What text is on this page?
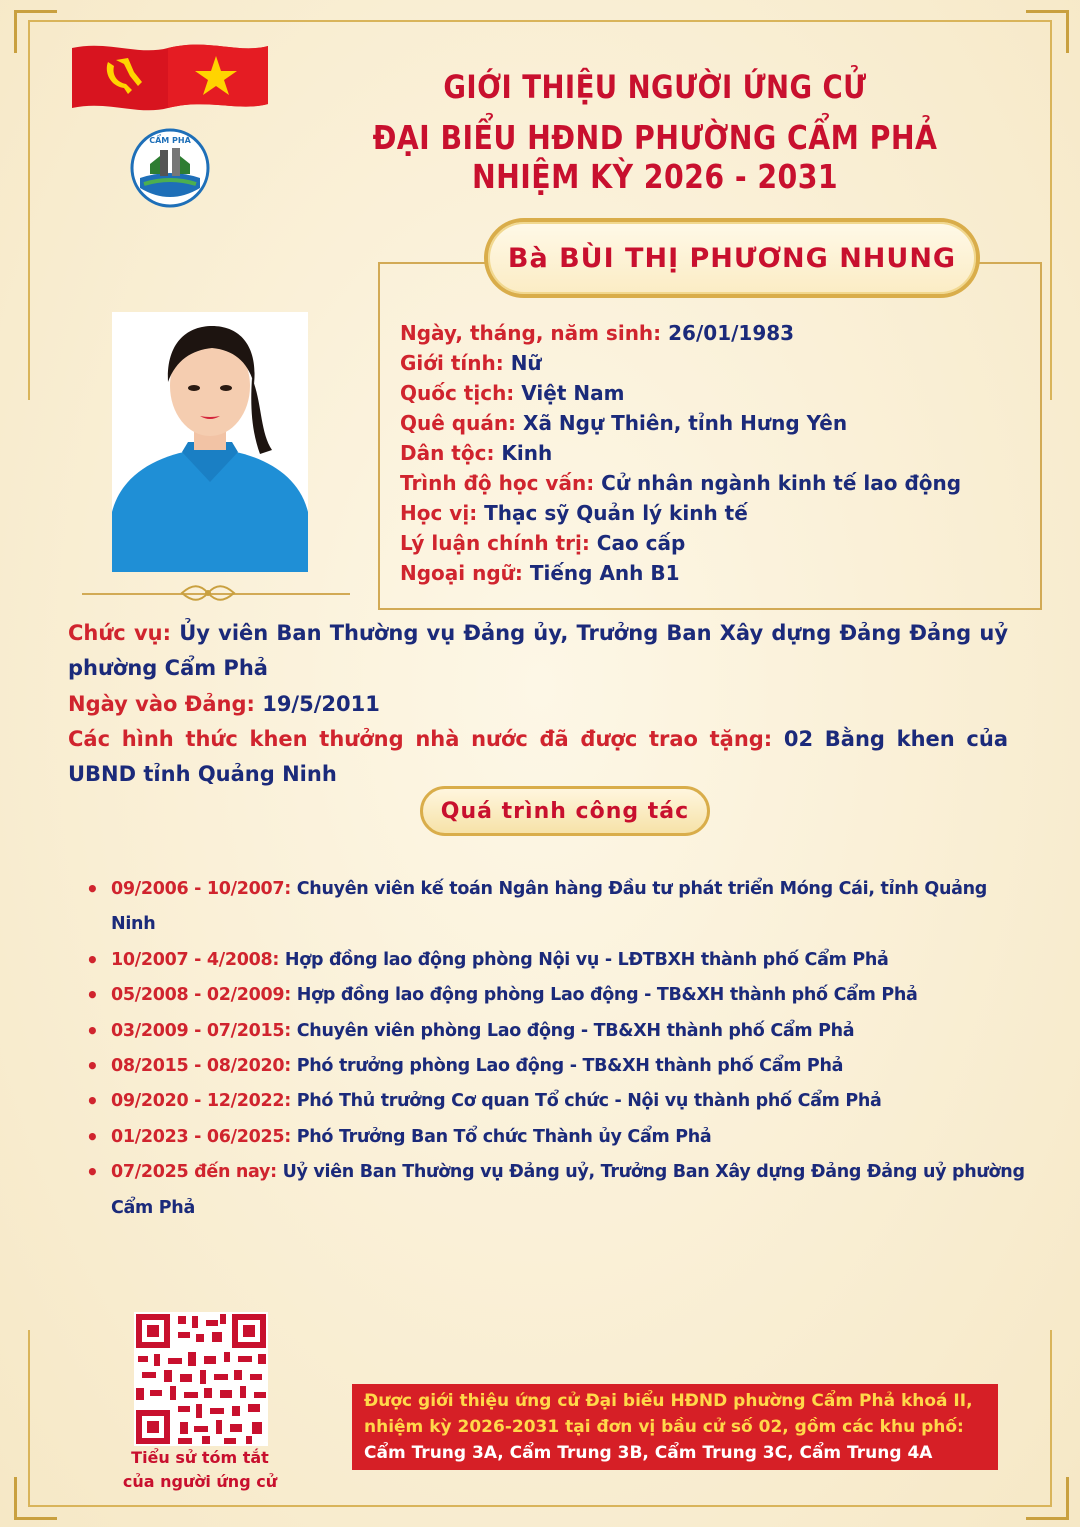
CẨM PHẢ
GIỚI THIỆU NGƯỜI ỨNG CỬ
ĐẠI BIỂU HĐND PHƯỜNG CẨM PHẢ NHIỆM KỲ 2026 - 2031
Bà BÙI THỊ PHƯƠNG NHUNG
Ngày, tháng, năm sinh: 26/01/1983
Giới tính: Nữ
Quốc tịch: Việt Nam
Quê quán: Xã Ngự Thiên, tỉnh Hưng Yên
Dân tộc: Kinh
Trình độ học vấn: Cử nhân ngành kinh tế lao động
Học vị: Thạc sỹ Quản lý kinh tế
Lý luận chính trị: Cao cấp
Ngoại ngữ: Tiếng Anh B1
Chức vụ: Ủy viên Ban Thường vụ Đảng ủy, Trưởng Ban Xây dựng Đảng Đảng uỷ phường Cẩm Phả
Ngày vào Đảng: 19/5/2011
Các hình thức khen thưởng nhà nước đã được trao tặng: 02 Bằng khen của UBND tỉnh Quảng Ninh
Quá trình công tác
• 09/2006 - 10/2007: Chuyên viên kế toán Ngân hàng Đầu tư phát triển Móng Cái, tỉnh Quảng Ninh
• 10/2007 - 4/2008: Hợp đồng lao động phòng Nội vụ - LĐTBXH thành phố Cẩm Phả
• 05/2008 - 02/2009: Hợp đồng lao động phòng Lao động - TB&XH thành phố Cẩm Phả
• 03/2009 - 07/2015: Chuyên viên phòng Lao động - TB&XH thành phố Cẩm Phả
• 08/2015 - 08/2020: Phó trưởng phòng Lao động - TB&XH thành phố Cẩm Phả
• 09/2020 - 12/2022: Phó Thủ trưởng Cơ quan Tổ chức - Nội vụ thành phố Cẩm Phả
• 01/2023 - 06/2025: Phó Trưởng Ban Tổ chức Thành ủy Cẩm Phả
• 07/2025 đến nay: Uỷ viên Ban Thường vụ Đảng uỷ, Trưởng Ban Xây dựng Đảng Đảng uỷ phường Cẩm Phả
Tiểu sử tóm tắt
của người ứng cử
Được giới thiệu ứng cử Đại biểu HĐND phường Cẩm Phả khoá II,
nhiệm kỳ 2026-2031 tại đơn vị bầu cử số 02, gồm các khu phố:
Cẩm Trung 3A, Cẩm Trung 3B, Cẩm Trung 3C, Cẩm Trung 4A
